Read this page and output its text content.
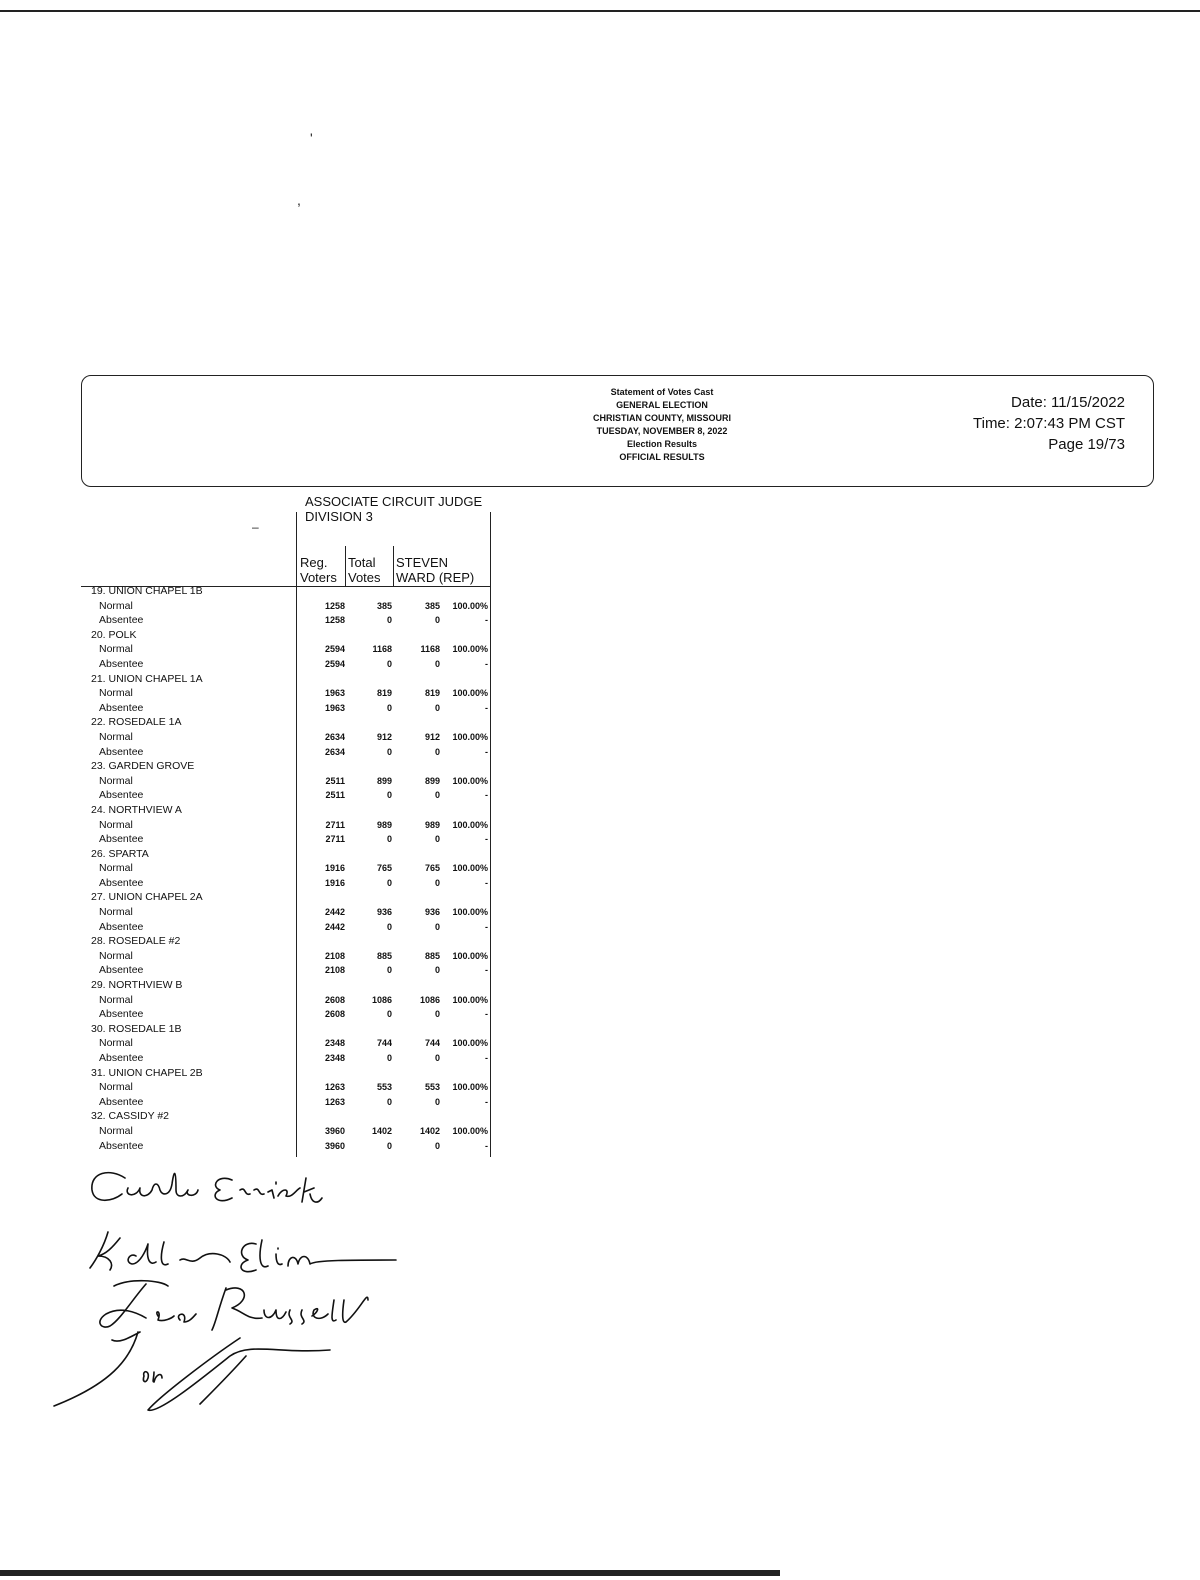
'
,
Statement of Votes Cast
GENERAL ELECTION
CHRISTIAN COUNTY, MISSOURI
TUESDAY, NOVEMBER 8, 2022
Election Results
OFFICIAL RESULTS
Date: 11/15/2022
Time: 2:07:43 PM CST
Page 19/73
ASSOCIATE CIRCUIT JUDGE
DIVISION 3
‒
Reg.
Voters
Total
Votes
STEVEN
WARD (REP)
19. UNION CHAPEL 1B
Normal	1258	385	385 100.00%
Absentee	1258	0	0	-
20. POLK
Normal	2594	1168	1168 100.00%
Absentee	2594	0	0	-
21. UNION CHAPEL 1A
Normal	1963	819	819 100.00%
Absentee	1963	0	0	-
22. ROSEDALE 1A
Normal	2634	912	912 100.00%
Absentee	2634	0	0	-
23. GARDEN GROVE
Normal	2511	899	899 100.00%
Absentee	2511	0	0	-
24. NORTHVIEW A
Normal	2711	989	989 100.00%
Absentee	2711	0	0	-
26. SPARTA
Normal	1916	765	765 100.00%
Absentee	1916	0	0	-
27. UNION CHAPEL 2A
Normal	2442	936	936 100.00%
Absentee	2442	0	0	-
28. ROSEDALE #2
Normal	2108	885	885 100.00%
Absentee	2108	0	0	-
29. NORTHVIEW B
Normal	2608	1086	1086 100.00%
Absentee	2608	0	0	-
30. ROSEDALE 1B
Normal	2348	744	744 100.00%
Absentee	2348	0	0	-
31. UNION CHAPEL 2B
Normal	1263	553	553 100.00%
Absentee	1263	0	0	-
32. CASSIDY #2
Normal	3960	1402	1402 100.00%
Absentee	3960	0	0	-
